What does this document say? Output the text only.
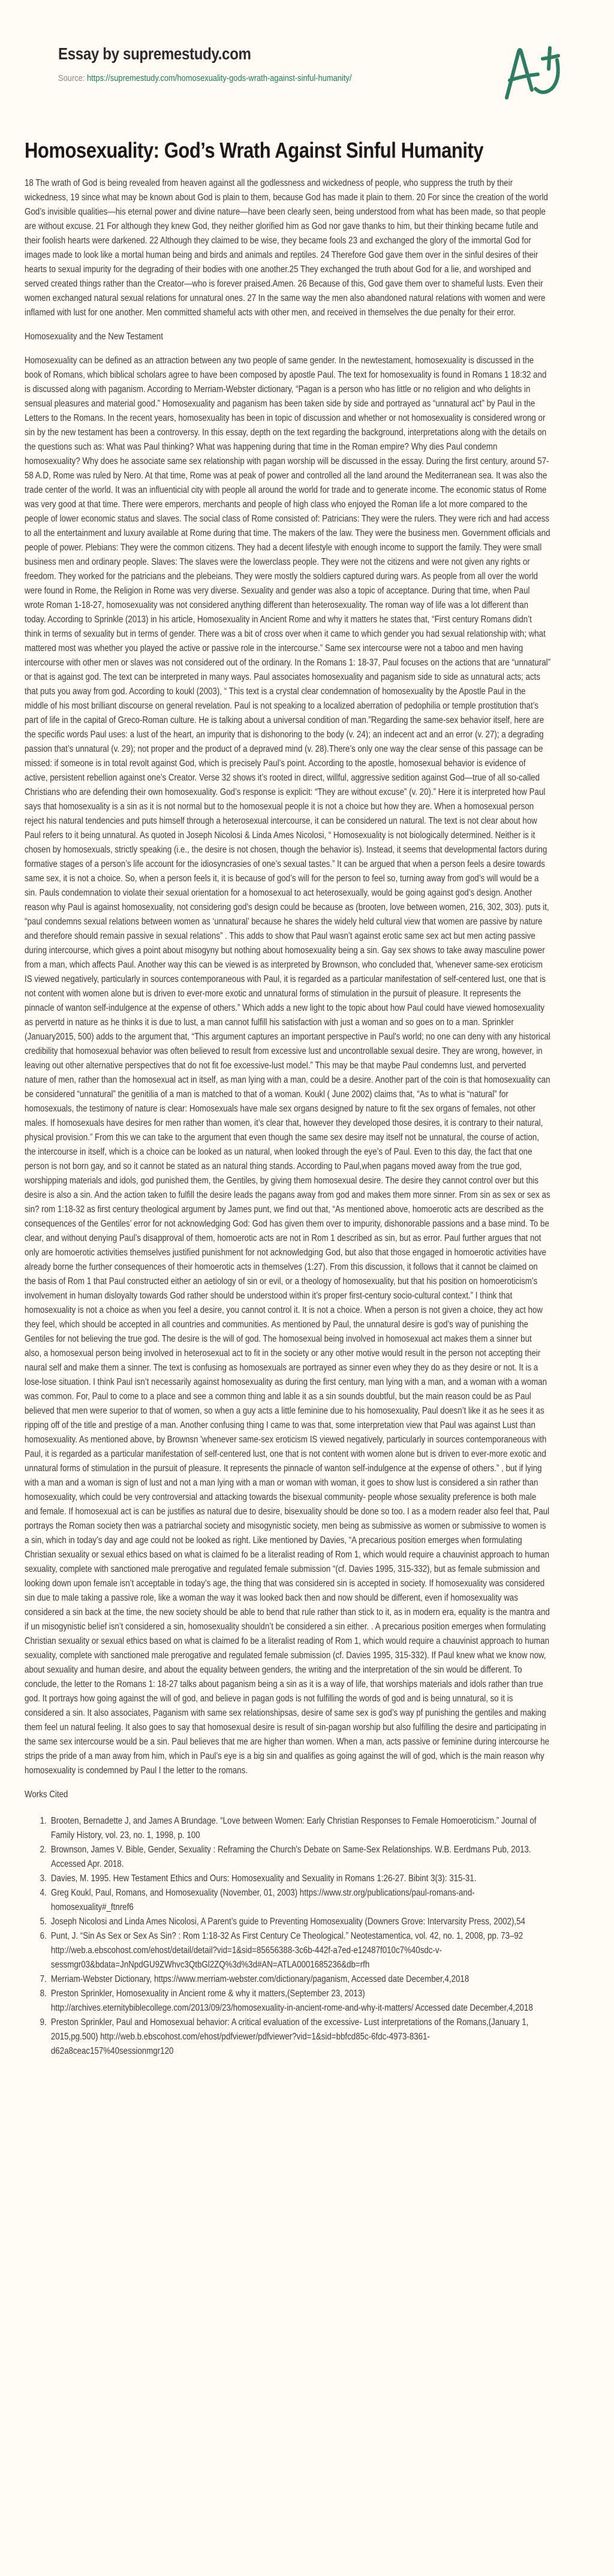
Essay by supremestudy.com
Source: https://supremestudy.com/homosexuality-gods-wrath-against-sinful-humanity/
Homosexuality: God’s Wrath Against Sinful Humanity

18 The wrath of God is being revealed from heaven against all the godlessness and wickedness of people, who suppress the truth by their wickedness, 19 since what may be known about God is plain to them, because God has made it plain to them. 20 For since the creation of the world God’s invisible qualities—his eternal power and divine nature—have been clearly seen, being understood from what has been made, so that people are without excuse. 21 For although they knew God, they neither glorified him as God nor gave thanks to him, but their thinking became futile and their foolish hearts were darkened. 22 Although they claimed to be wise, they became fools 23 and exchanged the glory of the immortal God for images made to look like a mortal human being and birds and animals and reptiles. 24 Therefore God gave them over in the sinful desires of their hearts to sexual impurity for the degrading of their bodies with one another.25 They exchanged the truth about God for a lie, and worshiped and served created things rather than the Creator—who is forever praised.Amen. 26 Because of this, God gave them over to shameful lusts. Even their women exchanged natural sexual relations for unnatural ones. 27 In the same way the men also abandoned natural relations with women and were inflamed with lust for one another. Men committed shameful acts with other men, and received in themselves the due penalty for their error.

Homosexuality and the New Testament

Homosexuality can be defined as an attraction between any two people of same gender. In the newtestament, homosexuality is discussed in the book of Romans, which biblical scholars agree to have been composed by apostle Paul. The text for homosexuality is found in Romans 1 18:32 and is discussed along with paganism. According to Merriam-Webster dictionary, “Pagan is a person who has little or no religion and who delights in sensual pleasures and material good.” Homosexuality and paganism has been taken side by side and portrayed as “unnatural act” by Paul in the Letters to the Romans. In the recent years, homosexuality has been in topic of discussion and whether or not homosexuality is considered wrong or sin by the new testament has been a controversy. In this essay, depth on the text regarding the background, interpretations along with the details on the questions such as: What was Paul thinking? What was happening during that time in the Roman empire? Why dies Paul condemn homosexuality? Why does he associate same sex relationship with pagan worship will be discussed in the essay. During the first century, around 57-58 A.D, Rome was ruled by Nero. At that time, Rome was at peak of power and controlled all the land around the Mediterranean sea. It was also the trade center of the world. It was an influenticial city with people all around the world for trade and to generate income. The economic status of Rome was very good at that time. There were emperors, merchants and people of high class who enjoyed the Roman life a lot more compared to the people of lower economic status and slaves. The social class of Rome consisted of: Patricians: They were the rulers. They were rich and had access to all the entertainment and luxury available at Rome during that time. The makers of the law. They were the business men. Government officials and people of power. Plebians: They were the common citizens. They had a decent lifestyle with enough income to support the family. They were small business men and ordinary people. Slaves: The slaves were the lowerclass people. They were not the citizens and were not given any rights or freedom. They worked for the patricians and the plebeians. They were mostly the soldiers captured during wars. As people from all over the world were found in Rome, the Religion in Rome was very diverse. Sexuality and gender was also a topic of acceptance. During that time, when Paul wrote Roman 1-18-27, homosexuality was not considered anything different than heterosexuality. The roman way of life was a lot different than today. According to Sprinkle (2013) in his article, Homosexuality in Ancient Rome and why it matters he states that, “First century Romans didn’t think in terms of sexuality but in terms of gender. There was a bit of cross over when it came to which gender you had sexual relationship with; what mattered most was whether you played the active or passive role in the intercourse.” Same sex intercourse were not a taboo and men having intercourse with other men or slaves was not considered out of the ordinary. In the Romans 1: 18-37, Paul focuses on the actions that are “unnatural” or that is against god. The text can be interpreted in many ways. Paul associates homosexuality and paganism side to side as unnatural acts; acts that puts you away from god. According to koukl (2003), “ This text is a crystal clear condemnation of homosexuality by the Apostle Paul in the middle of his most brilliant discourse on general revelation. Paul is not speaking to a localized aberration of pedophilia or temple prostitution that’s part of life in the capital of Greco-Roman culture. He is talking about a universal condition of man.”Regarding the same-sex behavior itself, here are the specific words Paul uses: a lust of the heart, an impurity that is dishonoring to the body (v. 24); an indecent act and an error (v. 27); a degrading passion that’s unnatural (v. 29); not proper and the product of a depraved mind (v. 28).There’s only one way the clear sense of this passage can be missed: if someone is in total revolt against God, which is precisely Paul’s point. According to the apostle, homosexual behavior is evidence of active, persistent rebellion against one’s Creator. Verse 32 shows it’s rooted in direct, willful, aggressive sedition against God—true of all so-called Christians who are defending their own homosexuality. God’s response is explicit: “They are without excuse” (v. 20).” Here it is interpreted how Paul says that homosexuality is a sin as it is not normal but to the homosexual people it is not a choice but how they are. When a homosexual person reject his natural tendencies and puts himself through a heterosexual intercourse, it can be considered un natural. The text is not clear about how Paul refers to it being unnatural. As quoted in Joseph Nicolosi & Linda Ames Nicolosi, “ Homosexuality is not biologically determined. Neither is it chosen by homosexuals, strictly speaking (i.e., the desire is not chosen, though the behavior is). Instead, it seems that developmental factors during formative stages of a person’s life account for the idiosyncrasies of one’s sexual tastes.” It can be argued that when a person feels a desire towards same sex, it is not a choice. So, when a person feels it, it is because of god’s will for the person to feel so, turning away from god’s will would be a sin. Pauls condemnation to violate their sexual orientation for a homosexual to act heterosexually, would be going against god’s design. Another reason why Paul is against homosexuality, not considering god’s design could be because as (brooten, love between women, 216, 302, 303). puts it, “paul condemns sexual relations between women as ‘unnatural’ because he shares the widely held cultural view that women are passive by nature and therefore should remain passive in sexual relations” . This adds to show that Paul wasn’t against erotic same sex act but men acting passive during intercourse, which gives a point about misogyny but nothing about homosexuality being a sin. Gay sex shows to take away masculine power from a man, which affects Paul. Another way this can be viewed is as interpreted by Brownson, who concluded that, 'whenever same-sex eroticism IS viewed negatively, particularly in sources contemporaneous with Paul, it is regarded as a particular manifestation of self-centered lust, one that is not content with women alone but is driven to ever-more exotic and unnatural forms of stimulation in the pursuit of pleasure. It represents the pinnacle of wanton self-indulgence at the expense of others.” Which adds a new light to the topic about how Paul could have viewed homosexuality as pervertd in nature as he thinks it is due to lust, a man cannot fulfill his satisfaction with just a woman and so goes on to a man. Sprinkler (January2015, 500) adds to the argument that, “This argument captures an important perspective in Paul's world; no one can deny with any historical credibility that homosexual behavior was often believed to result from excessive lust and uncontrollable sexual desire. They are wrong, however, in leaving out other alternative perspectives that do not fit foe excessive-lust model.” This may be that maybe Paul condemns lust, and perverted nature of men, rather than the homosexual act in itself, as man lying with a man, could be a desire. Another part of the coin is that homosexuality can be considered “unnatural” the genitilia of a man is matched to that of a woman. Koukl ( June 2002) claims that, “As to what is “natural” for homosexuals, the testimony of nature is clear: Homosexuals have male sex organs designed by nature to fit the sex organs of females, not other males. If homosexuals have desires for men rather than women, it’s clear that, however they developed those desires, it is contrary to their natural, physical provision.” From this we can take to the argument that even though the same sex desire may itself not be unnatural, the course of action, the intercourse in itself, which is a choice can be looked as un natural, when looked through the eye’s of Paul. Even to this day, the fact that one person is not born gay, and so it cannot be stated as an natural thing stands. According to Paul,when pagans moved away from the true god, worshipping materials and idols, god punished them, the Gentiles, by giving them homosexual desire. The desire they cannot control over but this desire is also a sin. And the action taken to fulfill the desire leads the pagans away from god and makes them more sinner. From sin as sex or sex as sin? rom 1:18-32 as first century theological argument by James punt, we find out that, “As mentioned above, homoerotic acts are described as the consequences of the Gentiles’ error for not acknowledging God: God has given them over to impurity, dishonorable passions and a base mind. To be clear, and without denying Paul’s disapproval of them, homoerotic acts are not in Rom 1 described as sin, but as error. Paul further argues that not only are homoerotic activities themselves justified punishment for not acknowledging God, but also that those engaged in homoerotic activities have already borne the further consequences of their homoerotic acts in themselves (1:27). From this discussion, it follows that it cannot be claimed on the basis of Rom 1 that Paul constructed either an aetiology of sin or evil, or a theology of homosexuality, but that his position on homoeroticism’s involvement in human disloyalty towards God rather should be understood within it’s proper first-century socio-cultural context.” I think that homosexuality is not a choice as when you feel a desire, you cannot control it. It is not a choice. When a person is not given a choice, they act how they feel, which should be accepted in all countries and communities. As mentioned by Paul, the unnatural desire is god’s way of punishing the Gentiles for not believing the true god. The desire is the will of god. The homosexual being involved in homosexual act makes them a sinner but also, a homosexual person being involved in heterosexual act to fit in the society or any other motive would result in the person not accepting their naural self and make them a sinner. The text is confusing as homosexuals are portrayed as sinner even whey they do as they desire or not. It is a lose-lose situation. I think Paul isn’t necessarily against homosexuality as during the first century, man lying with a man, and a woman with a woman was common. For, Paul to come to a place and see a common thing and lable it as a sin sounds doubtful, but the main reason could be as Paul believed that men were superior to that of women, so when a guy acts a little feminine due to his homosexuality, Paul doesn’t like it as he sees it as ripping off of the title and prestige of a man. Another confusing thing I came to was that, some interpretation view that Paul was against Lust than homosexuality. As mentioned above, by Brownsn 'whenever same-sex eroticism IS viewed negatively, particularly in sources contemporaneous with Paul, it is regarded as a particular manifestation of self-centered lust, one that is not content with women alone but is driven to ever-more exotic and unnatural forms of stimulation in the pursuit of pleasure. It represents the pinnacle of wanton self-indulgence at the expense of others.” , but if lying with a man and a woman is sign of lust and not a man lying with a man or woman with woman, it goes to show lust is considered a sin rather than homosexuality, which could be very controversial and attacking towards the bisexual community- people whose sexuality preference is both male and female. If homosexual act is can be justifies as natural due to desire, bisexuality should be done so too. I as a modern reader also feel that, Paul portrays the Roman society then was a patriarchal society and misogynistic society, men being as submissive as women or submissive to women is a sin, which in today’s day and age could not be looked as right. Like mentioned by Davies, “A precarious position emerges when formulating Christian sexuality or sexual ethics based on what is claimed fo be a literalist reading of Rom 1, which would require a chauvinist approach to human sexuality, complete with sanctioned male prerogative and regulated female submission “(cf. Davies 1995, 315-332), but as female submission and looking down upon female isn’t acceptable in today’s age, the thing that was considered sin is accepted in society. If homosexuality was considered sin due to male taking a passive role, like a woman the way it was looked back then and now should be different, even if homosexuality was considered a sin back at the time, the new society should be able to bend that rule rather than stick to it, as in modern era, equality is the mantra and if un misogynistic belief isn’t considered a sin, homosexuality shouldn’t be considered a sin either. . A precarious position emerges when formulating Christian sexuality or sexual ethics based on what is claimed fo be a literalist reading of Rom 1, which would require a chauvinist approach to human sexuality, complete with sanctioned male prerogative and regulated female submission (cf. Davies 1995, 315-332). If Paul knew what we know now, about sexuality and human desire, and about the equality between genders, the writing and the interpretation of the sin would be different. To conclude, the letter to the Romans 1: 18-27 talks about paganism being a sin as it is a way of life, that worships materials and idols rather than true god. It portrays how going against the will of god, and believe in pagan gods is not fulfilling the words of god and is being unnatural, so it is considered a sin. It also associates, Paganism with same sex relationshipsas, desire of same sex is god’s way pf punishing the gentiles and making them feel un natural feeling. It also goes to say that homosexual desire is result of sin-pagan worship but also fulfilling the desire and participating in the same sex intercourse would be a sin. Paul believes that me are higher than women. When a man, acts passive or feminine during intercourse he strips the pride of a man away from him, which in Paul’s eye is a big sin and qualifies as going against the will of god, which is the main reason why homosexuality is condemned by Paul I the letter to the romans.

Works Cited

1. Brooten, Bernadette J, and James A Brundage. “Love between Women: Early Christian Responses to Female Homoeroticism.” Journal of Family History, vol. 23, no. 1, 1998, p. 100
2. Brownson, James V. Bible, Gender, Sexuality : Reframing the Church's Debate on Same-Sex Relationships. W.B. Eerdmans Pub, 2013. Accessed Apr. 2018.
3. Davies, M. 1995. Hew Testament Ethics and Ours: Homosexuality and Sexuality in Romans 1:26-27. Bibint 3(3): 315-31.
4. Greg Koukl, Paul, Romans, and Homosexuality (November, 01, 2003) https://www.str.org/publications/paul-romans-and-homosexuality#_ftnref6
5. Joseph Nicolosi and Linda Ames Nicolosi, A Parent’s guide to Preventing Homosexuality (Downers Grove: Intervarsity Press, 2002),54
6. Punt, J. “Sin As Sex or Sex As Sin? : Rom 1:18-32 As First Century Ce Theological.” Neotestamentica, vol. 42, no. 1, 2008, pp. 73–92 http://web.a.ebscohost.com/ehost/detail/detail?vid=1&sid=85656388-3c6b-442f-a7ed-e12487f010c7%40sdc-v-sessmgr03&bdata=JnNpdGU9ZWhvc3QtbGl2ZQ%3d%3d#AN=ATLA0001685236&db=rfh
7. Merriam-Webster Dictionary, https://www.merriam-webster.com/dictionary/paganism, Accessed date December,4,2018
8. Preston Sprinkler, Homosexuality in Ancient rome & why it matters,(September 23, 2013) http://archives.eternitybiblecollege.com/2013/09/23/homosexuality-in-ancient-rome-and-why-it-matters/ Accessed date December,4,2018
9. Preston Sprinkler, Paul and Homosexual behavior: A critical evaluation of the excessive- Lust interpretations of the Romans,(January 1, 2015,pg.500) http://web.b.ebscohost.com/ehost/pdfviewer/pdfviewer?vid=1&sid=bbfcd85c-6fdc-4973-8361-d62a8ceac157%40sessionmgr120
